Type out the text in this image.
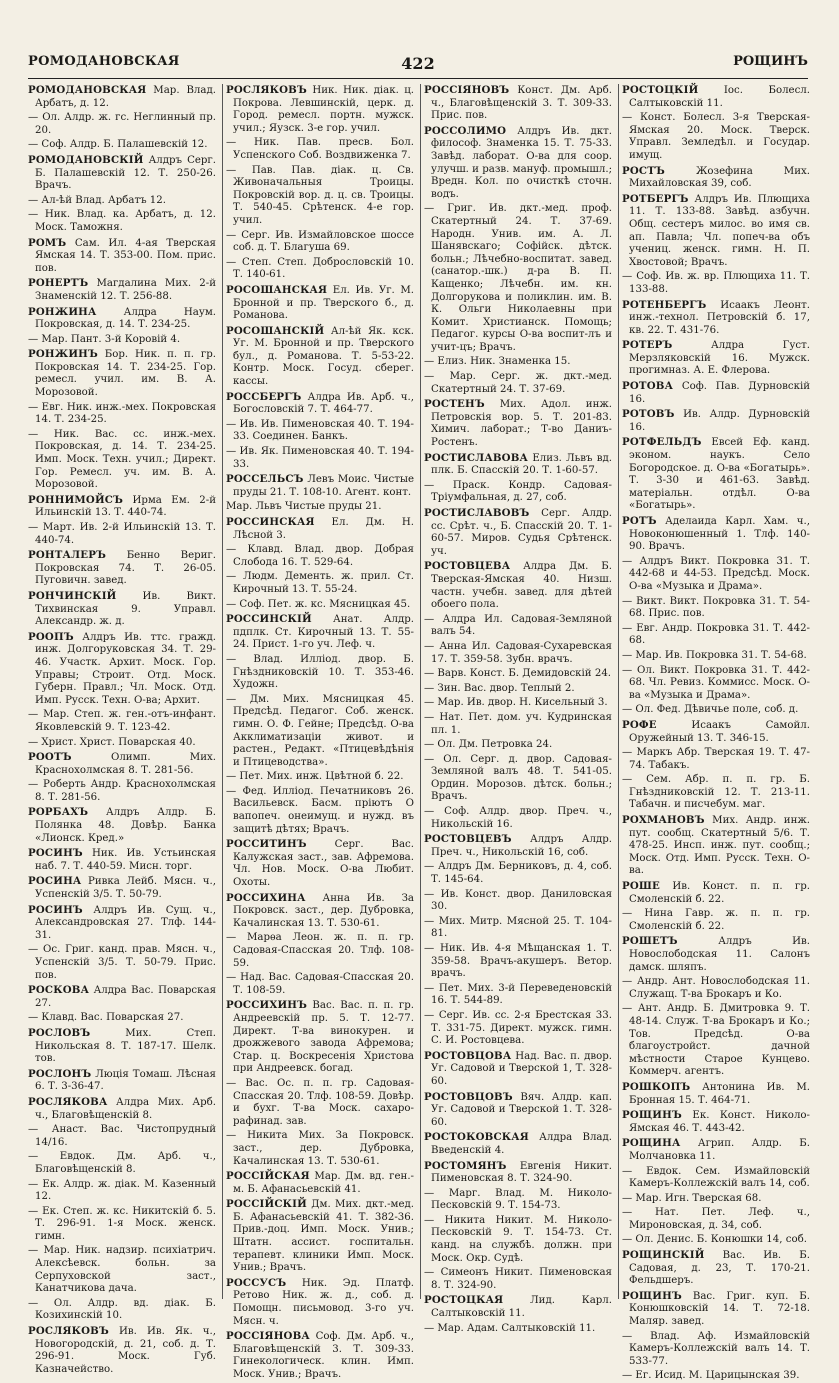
РОМОДАНОВСКАЯ	422	РОЩИНЪ
РОМОДАНОВСКАЯ Мар. Влад. Арбатъ, д. 12.
— Ол. Алдр. ж. гс. Неглинный пр. 20.
— Соф. Алдр. Б. Палашевскій 12.
РОМОДАНОВСКІЙ Алдръ Серг. Б. Палашевскій 12. Т. 250-26. Врачъ.
— Ал-ѣй Влад. Арбатъ 12.
— Ник. Влад. ка. Арбатъ, д. 12. Моск. Таможня.
РОМЪ Сам. Ил. 4-ая Тверская Ямская 14. Т. 353-00. Пом. прис. пов.
РОНЕРТЪ Магдалина Мих. 2-й Знаменскій 12. Т. 256-88.
РОНЖИНА Алдра Наум. Покровская, д. 14. Т. 234-25.
— Мар. Пант. 3-й Коровій 4.
РОНЖИНЪ Бор. Ник. п. п. гр. Покровская 14. Т. 234-25. Гор. ремесл. учил. им. В. А. Морозовой.
— Евг. Ник. инж.-мех. Покровская 14. Т. 234-25.
— Ник. Вас. сс. инж.-мех. Покровская, д. 14. Т. 234-25. Имп. Моск. Техн. учил.; Директ. Гор. Ремесл. уч. им. В. А. Морозовой.
РОННИМОЙСЪ Ирма Ем. 2-й Ильинскій 13. Т. 440-74.
— Март. Ив. 2-й Ильинскій 13. Т. 440-74.
РОНТАЛЕРЪ Бенно Вериг. Покровская 74. Т. 26-05. Пуговичн. завед.
РОНЧИНСКІЙ Ив. Викт. Тихвинская 9. Управл. Александр. ж. д.
РООПЪ Алдръ Ив. ттс. гражд. инж. Долгоруковская 34. Т. 29-46. Участк. Архит. Моск. Гор. Управы; Строит. Отд. Моск. Губерн. Правл.; Чл. Моск. Отд. Имп. Русск. Техн. О-ва; Архит.
— Мар. Степ. ж. ген.-отъ-инфант. Яковлевскій 9. Т. 123-42.
— Христ. Христ. Поварская 40.
РООТЪ Олимп. Мих. Краснохолмская 8. Т. 281-56.
— Роберть Андр. Краснохолмская 8. Т. 281-56.
РОРБАХЪ Алдръ Алдр. Б. Полянка 48. Довѣр. Банка «Лионск. Кред.»
РОСИНЪ Ник. Ив. Устьинская наб. 7. Т. 440-59. Мисн. торг.
РОСИНА Ривка Лейб. Мясн. ч., Успенскій 3/5. Т. 50-79.
РОСИНЪ Алдръ Ив. Сущ. ч., Александровская 27. Тлф. 144-31.
— Ос. Григ. канд. прав. Мясн. ч., Успенскій 3/5. Т. 50-79. Прис. пов.
РОСКОВА Алдра Вас. Поварская 27.
— Клавд. Вас. Поварская 27.
РОСЛОВЪ Мих. Степ. Никольская 8. Т. 187-17. Шелк. тов.
РОСЛОНЪ Люція Томаш. Лѣсная 6. Т. 3-36-47.
РОСЛЯКОВА Алдра Мих. Арб. ч., Благовѣщенскій 8.
— Анаст. Вас. Чистопрудный 14/16.
— Евдок. Дм. Арб. ч., Благовѣщенскій 8.
— Ек. Алдр. ж. діак. М. Казенный 12.
— Ек. Степ. ж. кс. Никитскій б. 5. Т. 296-91. 1-я Моск. женск. гимн.
— Мар. Ник. надзир. психіатрич. Алексѣевск. больн. за Серпуховской заст., Канатчикова дача.
— Ол. Алдр. вд. діак. Б. Козихинскій 10.
РОСЛЯКОВЪ Ив. Ив. Як. ч., Новогородскій, д. 21, соб. д. Т. 296-91. Моск. Губ. Казначейство.
РОСЛЯКОВЪ Ник. Ник. діак. ц. Покрова. Левшинскій, церк. д. Город. ремесл. портн. мужск. учил.; Яузск. 3-е гор. учил.
— Ник. Пав. пресв. Бол. Успенского Соб. Воздвиженка 7.
— Пав. Пав. діак. ц. Св. Живоначальныя Троицы. Покровскій вор. д. ц. св. Троицы. Т. 540-45. Срѣтенск. 4-е гор. учил.
— Серг. Ив. Измайловское шоссе соб. д. Т. Благуша 69.
— Степ. Степ. Добрословскій 10. Т. 140-61.
РОСОШАНСКАЯ Ел. Ив. Уг. М. Бронной и пр. Тверского б., д. Романова.
РОСОШАНСКІЙ Ал-ѣй Як. кск. Уг. М. Бронной и пр. Тверского бул., д. Романова. Т. 5-53-22. Контр. Моск. Госуд. сберег. кассы.
РОССБЕРГЪ Алдра Ив. Арб. ч., Богословскій 7. Т. 464-77.
— Ив. Ив. Пименовская 40. Т. 194-33. Соединен. Банкъ.
— Ив. Як. Пименовская 40. Т. 194-33.
РОССЕЛЬСЪ Левъ Моис. Чистые пруды 21. Т. 108-10. Агент. конт.
Мар. Львъ Чистые пруды 21.
РОССИНСКАЯ Ел. Дм. Н. Лѣсной 3.
— Клавд. Влад. двор. Добрая Слобода 16. Т. 529-64.
— Людм. Дементь. ж. прил. Ст. Кирочный 13. Т. 55-24.
— Соф. Пет. ж. кс. Мясницкая 45.
РОССИНСКІЙ Анат. Алдр. пдплк. Ст. Кирочный 13. Т. 55-24. Прист. 1-го уч. Леф. ч.
— Влад. Илліод. двор. Б. Гнѣздниковскій 10. Т. 353-46. Художн.
— Дм. Мих. Мясницкая 45. Предсѣд. Педагог. Соб. женск. гимн. О. Ф. Гейне; Предсѣд. О-ва Акклиматизаціи живот. и растен., Редакт. «Птицевѣдѣнія и Птицеводства».
— Пет. Мих. инж. Цвѣтной б. 22.
— Фед. Илліод. Печатниковъ 26. Васильевск. Басм. пріютъ О вапопеч. онеимущ. и нужд. въ защитѣ дѣтях; Врачъ.
РОССИТИНЪ Серг. Вас. Калужская заст., зав. Афремова. Чл. Нов. Моск. О-ва Любит. Охоты.
РОССИХИНА Анна Ив. За Покровск. заст., дер. Дубровка, Качалинская 13. Т. 530-61.
— Марѳа Леон. ж. п. п. гр. Садовая-Спасская 20. Тлф. 108-59.
— Над. Вас. Садовая-Спасская 20. Т. 108-59.
РОССИХИНЪ Вас. Вас. п. п. гр. Андреевскій пр. 5. Т. 12-77. Директ. Т-ва винокурен. и дрожжевого завода Афремова; Стар. ц. Воскресенія Христова при Андреевск. богад.
— Вас. Ос. п. п. гр. Садовая-Спасская 20. Тлф. 108-59. Довѣр. и бухг. Т-ва Моск. сахаро-рафинад. зав.
— Никита Мих. За Покровск. заст., дер. Дубровка, Качалинская 13. Т. 530-61.
РОССІЙСКАЯ Мар. Дм. вд. ген.-м. Б. Афанасьевскій 41.
РОССІЙСКІЙ Дм. Мих. дкт.-мед. Б. Афанасьевскій 41. Т. 382-36. Прив.-доц. Имп. Моск. Унив.; Штатн. ассист. госпитальн. терапевт. клиники Имп. Моск. Унив.; Врачъ.
РОССУСЪ Ник. Эд. Платф. Ретово Ник. ж. д., соб. д. Помощн. письмовод. 3-го уч. Мясн. ч.
РОССІЯНОВА Соф. Дм. Арб. ч., Благовѣщенскій 3. Т. 309-33. Гинекологическ. клин. Имп. Моск. Унив.; Врачъ.
РОССІЯНОВЪ Конст. Дм. Арб. ч., Благовѣщенскій 3. Т. 309-33. Прис. пов.
РОССОЛИМО Алдръ Ив. дкт. философ. Знаменка 15. Т. 75-33. Завѣд. лаборат. О-ва для соор. улучш. и разв. мануф. промышл.; Вредн. Кол. по очисткѣ сточн. водъ.
— Григ. Ив. дкт.-мед. проф. Скатертный 24. Т. 37-69. Народн. Унив. им. А. Л. Шанявскаго; Софійск. дѣтск. больн.; Лѣчебно-воспитат. завед. (санатор.-шк.) д-ра В. П. Кащенко; Лѣчебн. им. кн. Долгорукова и поликлин. им. В. К. Ольги Николаевны при Комит. Христианск. Помощь; Педагог. курсы О-ва воспит-лъ и учит-цъ; Врачъ.
— Елиз. Ник. Знаменка 15.
— Мар. Серг. ж. дкт.-мед. Скатертный 24. Т. 37-69.
РОСТЕНЪ Мих. Адол. инж. Петровскія вор. 5. Т. 201-83. Химич. лаборат.; Т-во Даниъ-Ростенъ.
РОСТИСЛАВОВА Елиз. Львъ вд. плк. Б. Спасскій 20. Т. 1-60-57.
— Праск. Кондр. Садовая-Тріумфальная, д. 27, соб.
РОСТИСЛАВОВЪ Серг. Алдр. сс. Срѣт. ч., Б. Спасскій 20. Т. 1-60-57. Миров. Судья Срѣтенск. уч.
РОСТОВЦЕВА Алдра Дм. Б. Тверская-Ямская 40. Низш. частн. учебн. завед. для дѣтей обоего пола.
— Алдра Ил. Садовая-Земляной валъ 54.
— Анна Ил. Садовая-Сухаревская 17. Т. 359-58. Зубн. врачъ.
— Варв. Конст. Б. Демидовскій 24.
— Зин. Вас. двор. Теплый 2.
— Мар. Ив. двор. Н. Кисельный 3.
— Нат. Пет. дом. уч. Кудринская пл. 1.
— Ол. Дм. Петровка 24.
— Ол. Серг. д. двор. Садовая-Земляной валъ 48. Т. 541-05. Ордин. Морозов. дѣтск. больн.; Врачъ.
— Соф. Алдр. двор. Преч. ч., Никольскій 16.
РОСТОВЦЕВЪ Алдръ Алдр. Преч. ч., Никольскій 16, соб.
— Алдръ Дм. Берниковъ, д. 4, соб. Т. 145-64.
— Ив. Конст. двор. Даниловская 30.
— Мих. Митр. Мясной 25. Т. 104-81.
— Ник. Ив. 4-я Мѣщанская 1. Т. 359-58. Врачъ-акушеръ. Ветор. врачъ.
— Пет. Мих. 3-й Переведеновскій 16. Т. 544-89.
— Серг. Ив. сс. 2-я Брестская 33. Т. 331-75. Директ. мужск. гимн. С. И. Ростовцева.
РОСТОВЦОВА Над. Вас. п. двор. Уг. Садовой и Тверской 1, Т. 328-60.
РОСТОВЦОВЪ Вяч. Алдр. кап. Уг. Садовой и Тверской 1. Т. 328-60.
РОСТОКОВСКАЯ Алдра Влад. Введенскій 4.
РОСТОМЯНЪ Евгенія Никит. Пименовская 8. Т. 324-90.
— Марг. Влад. М. Николо-Песковскій 9. Т. 154-73.
— Никита Никит. М. Николо-Песковскій 9. Т. 154-73. Ст. канд. на службѣ. должн. при Моск. Окр. Судѣ.
— Симеонъ Никит. Пименовская 8. Т. 324-90.
РОСТОЦКАЯ Лид. Карл. Салтыковскій 11.
— Мар. Адам. Салтыковскій 11.
РОСТОЦКІЙ Іос. Болесл. Салтыковскій 11.
— Конст. Болесл. 3-я Тверская-Ямская 20. Моск. Тверск. Управл. Земледѣл. и Государ. имущ.
РОСТЪ Жозефина Мих. Михайловская 39, соб.
РОТБЕРГЪ Алдръ Ив. Плющиха 11. Т. 133-88. Завѣд. азбучн. Общ. сестеръ милос. во имя св. ап. Павла; Чл. попеч-ва объ учениц. женск. гимн. Н. П. Хвостовой; Врачъ.
— Соф. Ив. ж. вр. Плющиха 11. Т. 133-88.
РОТЕНБЕРГЪ Исаакъ Леонт. инж.-технол. Петровскій б. 17, кв. 22. Т. 431-76.
РОТЕРЪ Алдра Густ. Мерзляковскій 16. Мужск. прогимназ. А. Е. Флерова.
РОТОВА Соф. Пав. Дурновскій 16.
РОТОВЪ Ив. Алдр. Дурновскій 16.
РОТФЕЛЬДЪ Евсей Еф. канд. эконом. наукъ. Село Богородское. д. О-ва «Богатырь». Т. 3-30 и 461-63. Завѣд. матеріальн. отдѣл. О-ва «Богатырь».
РОТЪ Аделаида Карл. Хам. ч., Новоконюшенный 1. Тлф. 140-90. Врачъ.
— Алдръ Викт. Покровка 31. Т. 442-68 и 44-53. Предсѣд. Моск. О-ва «Музыка и Драма».
— Викт. Викт. Покровка 31. Т. 54-68. Прис. пов.
— Евг. Андр. Покровка 31. Т. 442-68.
— Мар. Ив. Покровка 31. Т. 54-68.
— Ол. Викт. Покровка 31. Т. 442-68. Чл. Ревиз. Коммисс. Моск. О-ва «Музыка и Драма».
— Ол. Фед. Дѣвичье поле, соб. д.
РОФЕ Исаакъ Самойл. Оружейный 13. Т. 346-15.
— Маркъ Абр. Тверская 19. Т. 47-74. Табакъ.
— Сем. Абр. п. п. гр. Б. Гнѣздниковскій 12. Т. 213-11. Табачн. и писчебум. маг.
РОХМАНОВЪ Мих. Андр. инж. пут. сообщ. Скатертный 5/6. Т. 478-25. Инсп. инж. пут. сообщ.; Моск. Отд. Имп. Русск. Техн. О-ва.
РОШЕ Ив. Конст. п. п. гр. Смоленскій б. 22.
— Нина Гавр. ж. п. п. гр. Смоленскій б. 22.
РОШЕТЪ Алдръ Ив. Новослободская 11. Салонъ дамск. шляпъ.
— Андр. Ант. Новослободская 11. Служащ. Т-ва Брокаръ и Ко.
— Ант. Андр. Б. Дмитровка 9. Т. 48-14. Служ. Т-ва Брокаръ и Ко.; Тов. Предсѣд. О-ва благоустройст. дачной мѣстности Старое Кунцево. Коммерч. агентъ.
РОШКОПЪ Антонина Ив. М. Бронная 15. Т. 464-71.
РОЩИНЪ Ек. Конст. Николо-Ямская 46. Т. 443-42.
РОЩИНА Агрип. Алдр. Б. Молчановка 11.
— Евдок. Сем. Измайловскій Камеръ-Коллежскій валъ 14, соб.
— Мар. Игн. Тверская 68.
— Нат. Пет. Леф. ч., Мироновская, д. 34, соб.
— Ол. Денис. Б. Конюшки 14, соб.
РОЩИНСКІЙ Вас. Ив. Б. Садовая, д. 23, Т. 170-21. Фельдшеръ.
РОЩИНЪ Вас. Григ. куп. Б. Конюшковскій 14. Т. 72-18. Маляр. завед.
— Влад. Аф. Измайловскій Камеръ-Коллежскій валъ 14. Т. 533-77.
— Ег. Исид. М. Царицынская 39.
